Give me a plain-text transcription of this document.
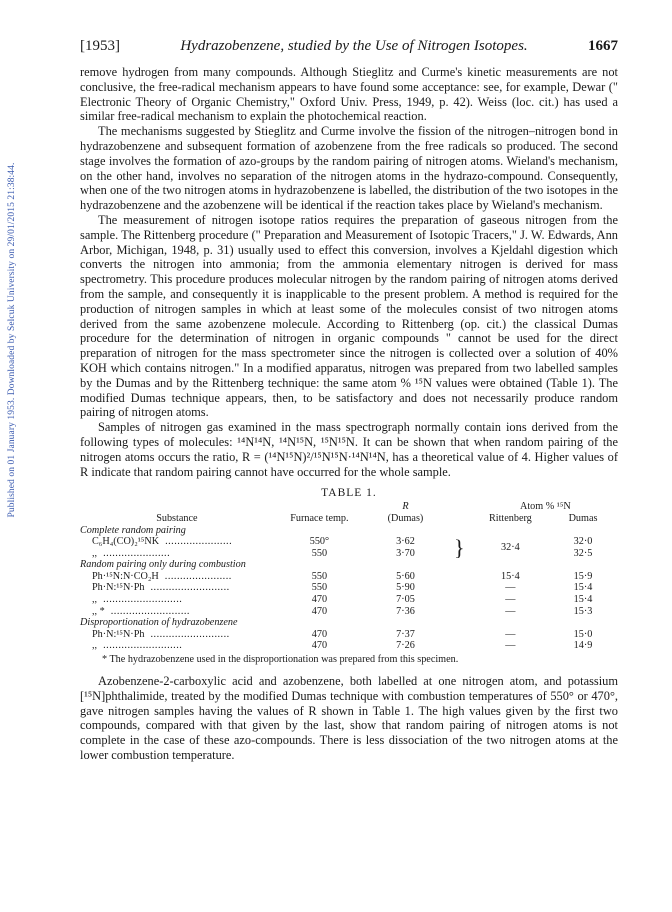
Published on 01 January 1953. Downloaded by Selcuk University on 29/01/2015 21:38:44.
[1953]	Hydrazobenzene, studied by the Use of Nitrogen Isotopes.	1667

remove hydrogen from many compounds. Although Stieglitz and Curme's kinetic measurements are not conclusive, the free-radical mechanism appears to have found some acceptance: see, for example, Dewar (" Electronic Theory of Organic Chemistry," Oxford Univ. Press, 1949, p. 42). Weiss (loc. cit.) has used a similar free-radical mechanism to explain the photochemical reaction.

The mechanisms suggested by Stieglitz and Curme involve the fission of the nitrogen–nitrogen bond in hydrazobenzene and subsequent formation of azobenzene from the free radicals so produced. The second stage involves the formation of azo-groups by the random pairing of nitrogen atoms. Wieland's mechanism, on the other hand, involves no separation of the nitrogen atoms in the hydrazo-compound. Consequently, when one of the two nitrogen atoms in hydrazobenzene is labelled, the distribution of the two isotopes in the hydrazobenzene and the azobenzene will be identical if the reaction takes place by Wieland's mechanism.

The measurement of nitrogen isotope ratios requires the preparation of gaseous nitrogen from the sample. The Rittenberg procedure (" Preparation and Measurement of Isotopic Tracers," J. W. Edwards, Ann Arbor, Michigan, 1948, p. 31) usually used to effect this conversion, involves a Kjeldahl digestion which converts the nitrogen into ammonia; from the ammonia elementary nitrogen is derived for mass spectrometry. This procedure produces molecular nitrogen by the random pairing of nitrogen atoms derived from the sample, and consequently it is inapplicable to the present problem. A method is required for the production of nitrogen samples in which at least some of the molecules consist of two nitrogen atoms derived from the same azobenzene molecule. According to Rittenberg (op. cit.) the classical Dumas procedure for the determination of nitrogen in organic compounds " cannot be used for the direct preparation of nitrogen for the mass spectrometer since the nitrogen is collected over a solution of 40% KOH which contains nitrogen." In a modified apparatus, nitrogen was prepared from two labelled samples by the Dumas and by the Rittenberg technique: the same atom % ¹⁵N values were obtained (Table 1). The modified Dumas technique appears, then, to be satisfactory and does not necessarily produce random pairing of nitrogen atoms.

Samples of nitrogen gas examined in the mass spectrograph normally contain ions derived from the following types of molecules: ¹⁴N¹⁴N, ¹⁴N¹⁵N, ¹⁵N¹⁵N. It can be shown that when random pairing of the nitrogen atoms occurs the ratio, R = (¹⁴N¹⁵N)²/¹⁵N¹⁵N·¹⁴N¹⁴N, has a theoretical value of 4. Higher values of R indicate that random pairing cannot have occurred for the whole sample.

TABLE 1.
		R		Atom % ¹⁵N	
Substance	Furnace temp.	(Dumas)		Rittenberg	Dumas
Complete random pairing					
C₆H₄(CO)₂¹⁵NK ......................	550°	3·62	}	32·4	32·0
,, ......................	550	3·70			32·5
Random pairing only during combustion					
Ph·¹⁵N:N·CO₂H ......................	550	5·60		15·4	15·9
Ph·N:¹⁵N·Ph ..........................	550	5·90		—	15·4
,, ..........................	470	7·05		—	15·4
,, * ..........................	470	7·36		—	15·3
Disproportionation of hydrazobenzene					
Ph·N:¹⁵N·Ph ..........................	470	7·37		—	15·0
,, ..........................	470	7·26		—	14·9
* The hydrazobenzene used in the disproportionation was prepared from this specimen.

Azobenzene-2-carboxylic acid and azobenzene, both labelled at one nitrogen atom, and potassium [¹⁵N]phthalimide, treated by the modified Dumas technique with combustion temperatures of 550° or 470°, gave nitrogen samples having the values of R shown in Table 1. The high values given by the first two compounds, compared with that given by the last, show that random pairing of nitrogen atoms is not complete in the case of these azo-compounds. There is less dissociation of the two nitrogen atoms at the lower combustion temperature.
